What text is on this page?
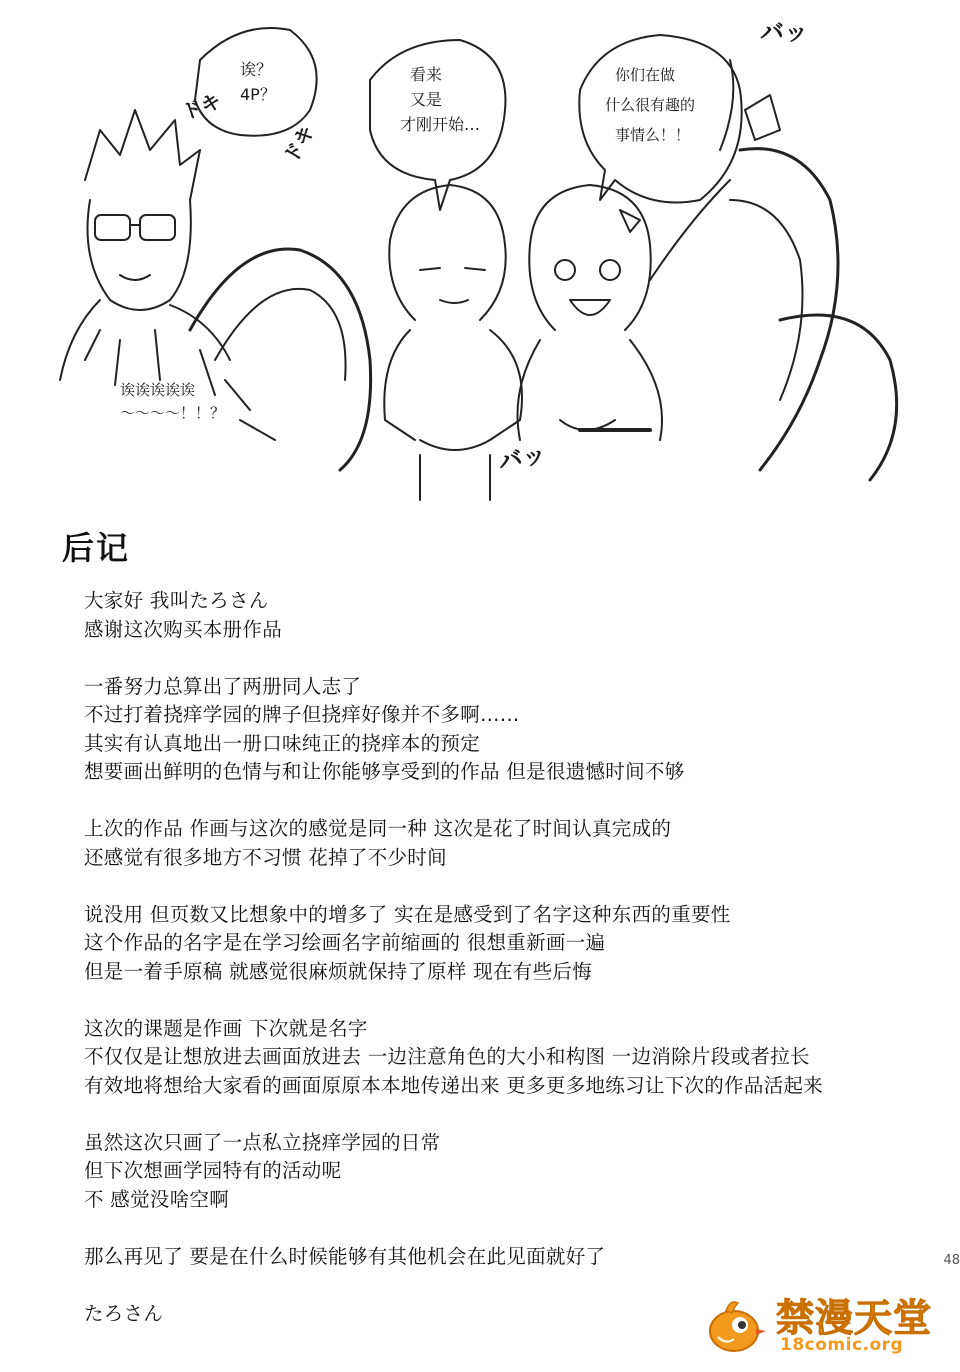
诶？
4P？
看来
又是
才刚开始…
你们在做
什么很有趣的
事情么！！
诶诶诶诶诶
〜〜〜〜！！？
ドキ
ドキ
バッ
バッ
后记
大家好 我叫たろさん
感谢这次购买本册作品
一番努力总算出了两册同人志了
不过打着挠痒学园的牌子但挠痒好像并不多啊……
其实有认真地出一册口味纯正的挠痒本的预定
想要画出鲜明的色情与和让你能够享受到的作品 但是很遗憾时间不够
上次的作品 作画与这次的感觉是同一种 这次是花了时间认真完成的
还感觉有很多地方不习惯 花掉了不少时间
说没用 但页数又比想象中的增多了 实在是感受到了名字这种东西的重要性
这个作品的名字是在学习绘画名字前缩画的 很想重新画一遍
但是一着手原稿 就感觉很麻烦就保持了原样 现在有些后悔
这次的课题是作画 下次就是名字
不仅仅是让想放进去画面放进去 一边注意角色的大小和构图 一边消除片段或者拉长
有效地将想给大家看的画面原原本本地传递出来 更多更多地练习让下次的作品活起来
虽然这次只画了一点私立挠痒学园的日常
但下次想画学园特有的活动呢
不 感觉没啥空啊
那么再见了 要是在什么时候能够有其他机会在此见面就好了
たろさん
48
禁漫天堂
18comic.org
